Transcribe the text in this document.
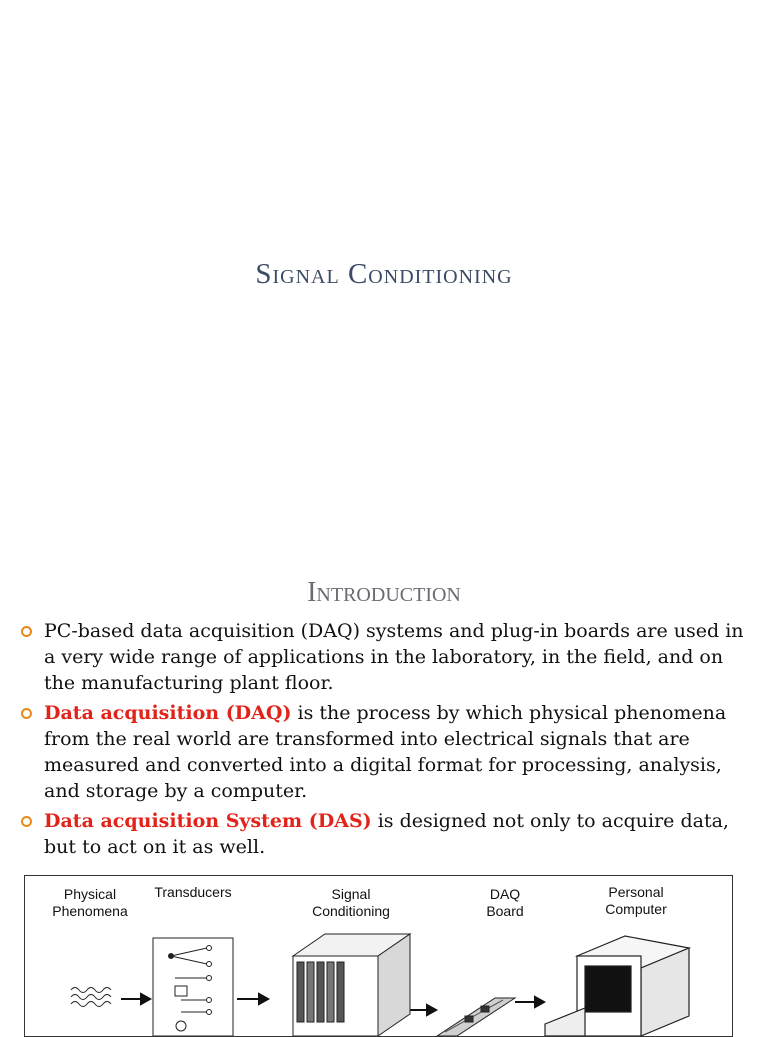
Signal Conditioning
Introduction
PC-based data acquisition (DAQ) systems and plug-in boards are used in a very wide range of applications in the laboratory, in the field, and on the manufacturing plant floor.
Data acquisition (DAQ) is the process by which physical phenomena from the real world are transformed into electrical signals that are measured and converted into a digital format for processing, analysis, and storage by a computer.
Data acquisition System (DAS) is designed not only to acquire data, but to act on it as well.
Physical
Phenomena
Transducers	Signal
Conditioning
DAQ
Board
Personal
Computer
